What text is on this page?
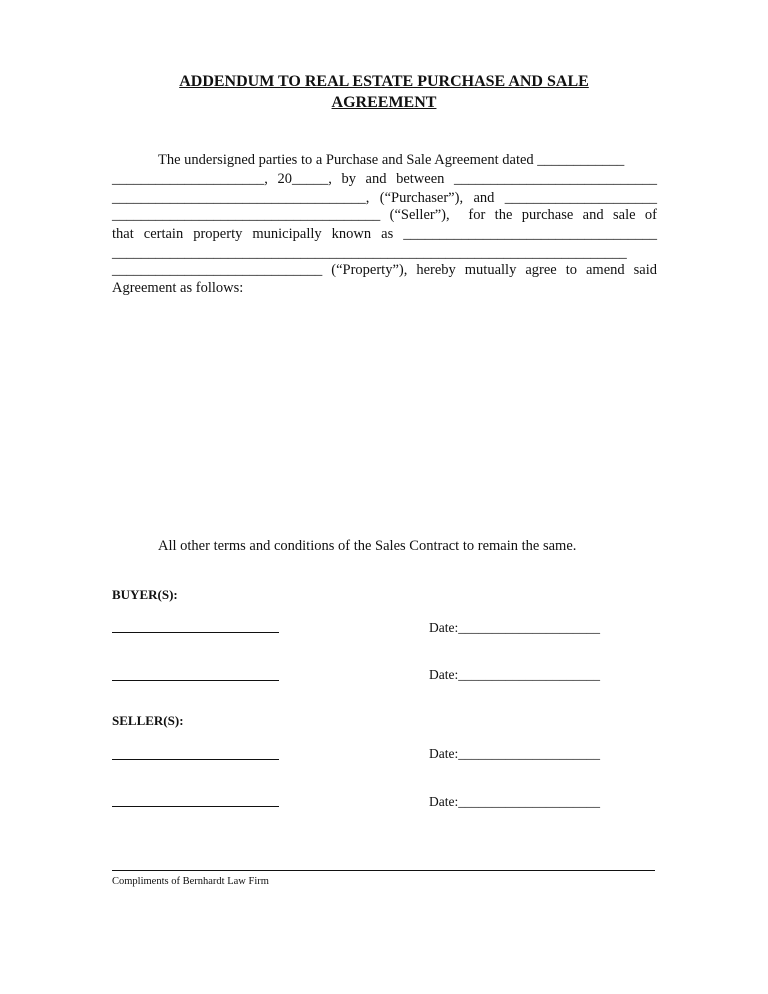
ADDENDUM TO REAL ESTATE PURCHASE AND SALE
AGREEMENT
The undersigned parties to a Purchase and Sale Agreement dated ____________
_____________________, 20_____, by and between ____________________________
___________________________________, (“Purchaser”), and _____________________
_____________________________________ (“Seller”),  for the purchase and sale of
that certain property municipally known as ___________________________________
_______________________________________________________________________
_____________________________ (“Property”), hereby mutually agree to amend said
Agreement as follows:
All other terms and conditions of the Sales Contract to remain the same.
BUYER(S):
Date:_____________________
Date:_____________________
SELLER(S):
Date:_____________________
Date:_____________________
Compliments of Bernhardt Law Firm
